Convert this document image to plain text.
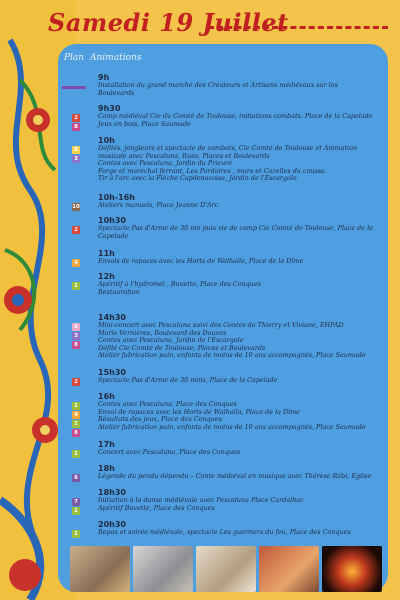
Samedi 19 Juillet
Plan Animations
9h
Installation du grand marché des Créateurs et Artisans médiévaux sur les
Boulevards
9h30
Camp médiéval Cie du Comté de Toulouse, initiations combats. Place de la Capelade
Jeux en bois, Place Saumade
2
8
10h
Défilés, jongleurs et spectacle de combats, Cie Comté de Toulouse et Animation
musicale avec Pescaluna, Rues, Places et Boulevards
Contes avec Pescaluna, Jardin du Prieuré
Forge et maréchal ferrant, Les Pardaires , murs et Cazelles du causse.
Tir à l'arc avec la Flèche Capdenacoise, Jardin de l'Escargole
9
3
10h-16h
Ateliers manuels, Place Jeanne D'Arc
10
10h30
Spectacle Pas d'Arme de 30 mn puis vie de camp Cie Comté de Toulouse, Place de la
Capelade
2
11h
Envols de rapaces avec les Horts de Walhalla, Place de la Dîme
4
12h
Apéritif à l'hydromel , Buvette, Place des Conques
Restauration
1
14h30
Mini-concert avec Pescaluna suivi des Contes de Thierry et Viviane, EHPAD
Marie Vernières, Boulevard des Douves
Contes avec Pescaluna, Jardin de l'Escargole
Défilé Cie Comté de Toulouse, Places et Boulevards
Atelier fabrication pain, enfants de moins de 10 ans accompagnés, Place Saumade
5
3
8
15h30
Spectacle Pas d'Arme de 30 mins, Place de la Capelade
2
16h
Contes avec Pescaluna, Place des Conques
Envol de rapaces avec les Horts de Walhalla, Place de la Dîme
Résultats des jeux, Place des Conques
Atelier fabrication pain, enfants de moins de 10 ans accompagnés, Place Saumade
1
4
1
8
17h
Concert avec Pescaluna, Place des Conques
1
18h
Légende du pendu dépendu – Conte médiéval en musique avec Thérèse Rébi, Eglise
6
18h30
Initiation à la danse médiévale avec Pescaluna Place Cardalhac
Apéritif Buvette, Place des Conques
7
1
20h30
Repas et soirée médiévale, spectacle Les guerriers du feu, Place des Conques
1
